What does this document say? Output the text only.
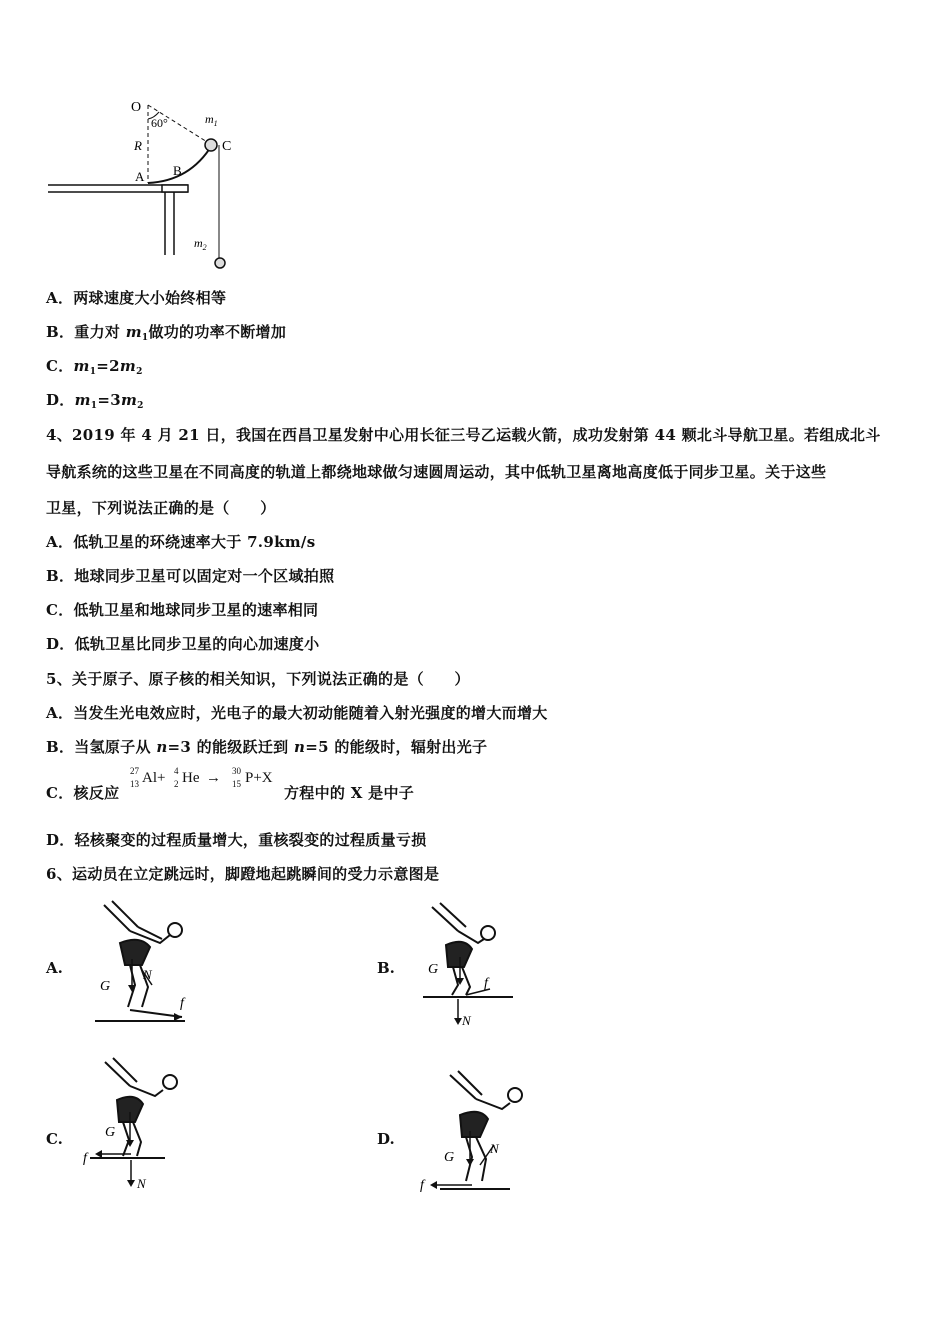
O
60°	$m_1$
C
R
A B
$m_2$
A．两球速度大小始终相等
B．重力对 $m_1$做功的功率不断增加
C．$m_1=2m_2$
D．$m_1=3m_2$
4、2019 年 4 月 21 日，我国在西昌卫星发射中心用长征三号乙运载火箭，成功发射第 44 颗北斗导航卫星。若组成北斗
导航系统的这些卫星在不同高度的轨道上都绕地球做匀速圆周运动，其中低轨卫星离地高度低于同步卫星。关于这些
卫星，下列说法正确的是（　　）
A．低轨卫星的环绕速率大于 7.9km/s
B．地球同步卫星可以固定对一个区域拍照
C．低轨卫星和地球同步卫星的速率相同
D．低轨卫星比同步卫星的向心加速度小
5、关于原子、原子核的相关知识，下列说法正确的是（　　）
A．当发生光电效应时，光电子的最大初动能随着入射光强度的增大而增大
B．当氢原子从 n=3 的能级跃迁到 n=5 的能级时，辐射出光子
C．核反应
27
13 Al+ 4
2 He → 30
15 P+X
方程中的 X 是中子
D．轻核聚变的过程质量增大，重核裂变的过程质量亏损
6、运动员在立定跳远时，脚蹬地起跳瞬间的受力示意图是
A.	B.
C.	D.
G
N
f
G
N
f
G
N
f	G
N
f
